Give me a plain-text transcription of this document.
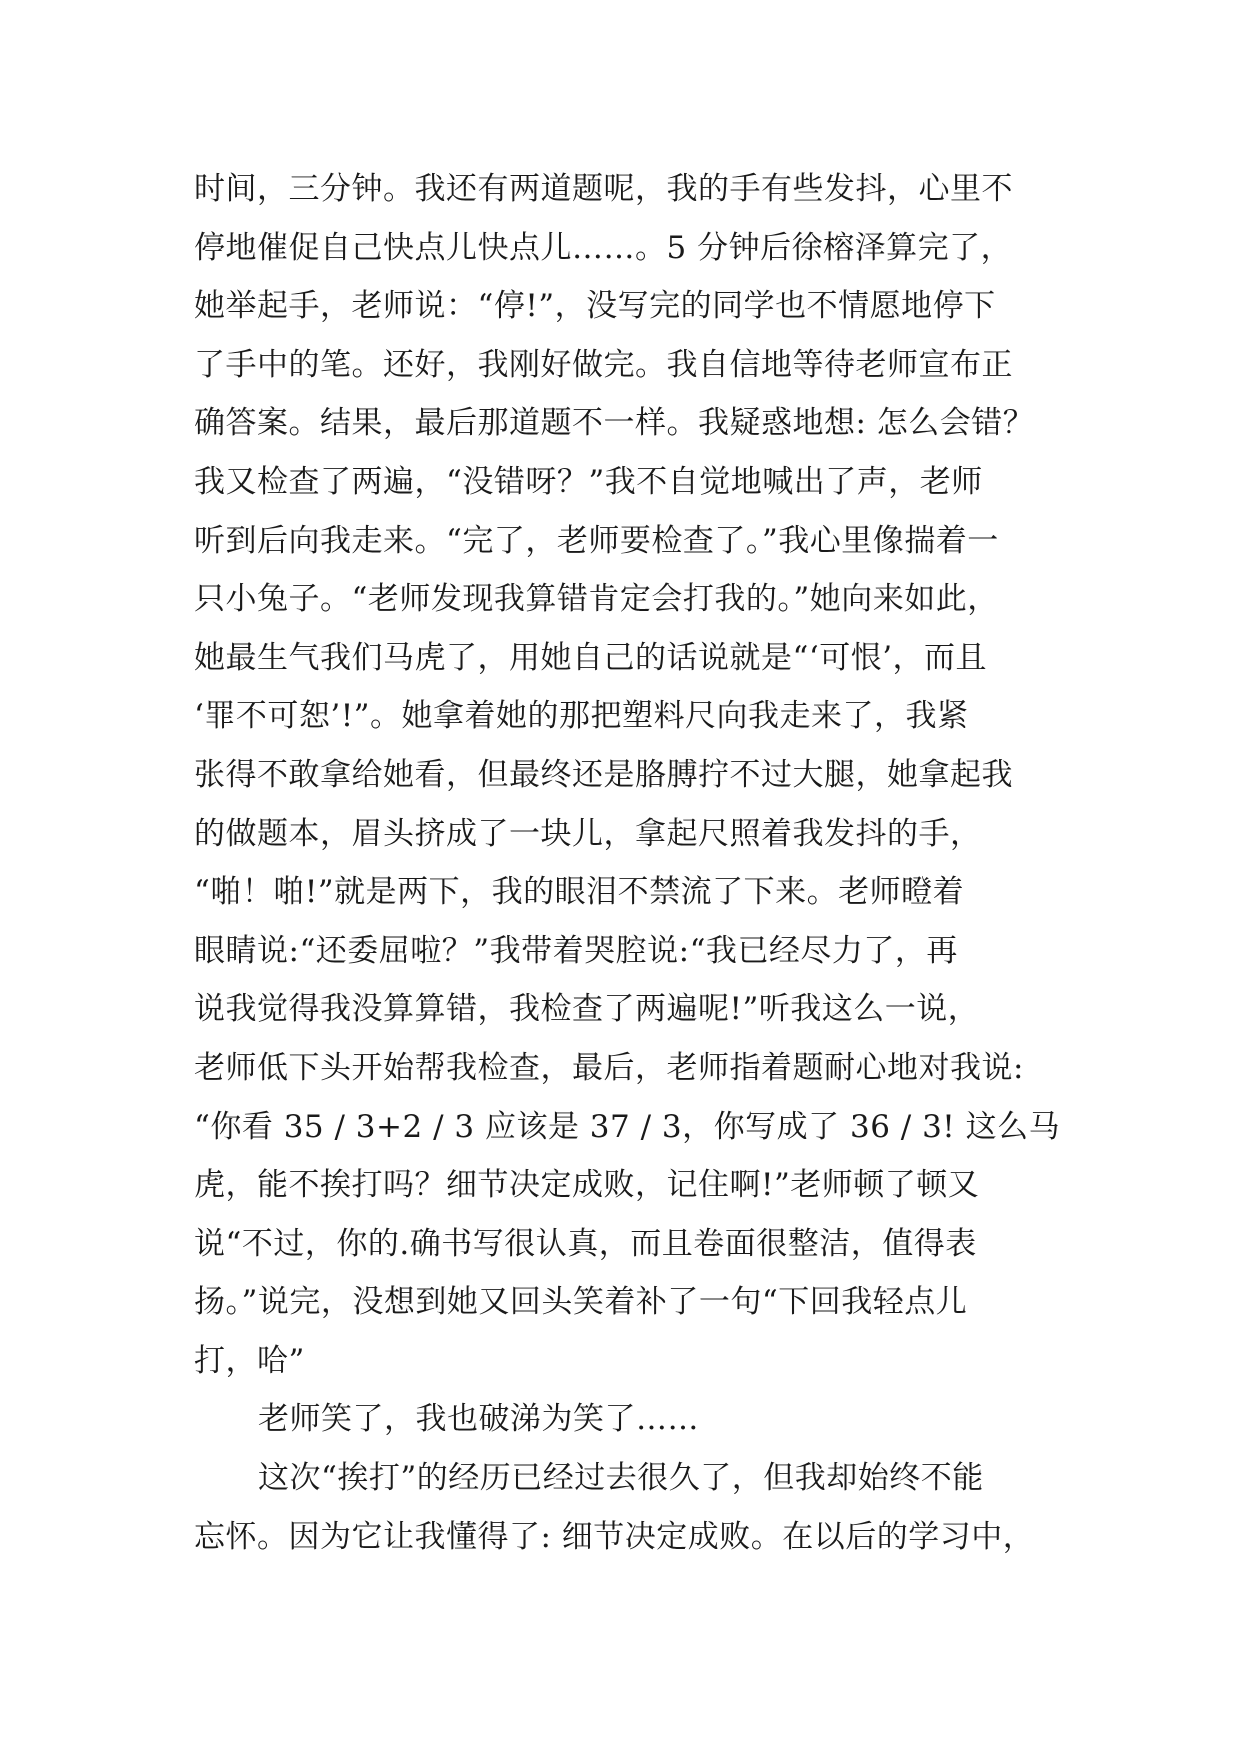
时间，三分钟。我还有两道题呢，我的手有些发抖，心里不
停地催促自己快点儿快点儿……。5 分钟后徐榕泽算完了，
她举起手，老师说：“停!”，没写完的同学也不情愿地停下
了手中的笔。还好，我刚好做完。我自信地等待老师宣布正
确答案。结果，最后那道题不一样。我疑惑地想: 怎么会错？
我又检查了两遍，“没错呀？”我不自觉地喊出了声，老师
听到后向我走来。“完了，老师要检查了。”我心里像揣着一
只小兔子。“老师发现我算错肯定会打我的。”她向来如此，
她最生气我们马虎了，用她自己的话说就是“‘可恨’，而且
‘罪不可恕’!”。她拿着她的那把塑料尺向我走来了，我紧
张得不敢拿给她看，但最终还是胳膊拧不过大腿，她拿起我
的做题本，眉头挤成了一块儿，拿起尺照着我发抖的手，
“啪！啪!”就是两下，我的眼泪不禁流了下来。老师瞪着
眼睛说:“还委屈啦？”我带着哭腔说:“我已经尽力了，再
说我觉得我没算算错，我检查了两遍呢!”听我这么一说，
老师低下头开始帮我检查，最后，老师指着题耐心地对我说:
“你看 35 / 3+2 / 3 应该是 37 / 3，你写成了 36 / 3! 这么马
虎，能不挨打吗？细节决定成败，记住啊!”老师顿了顿又
说“不过，你的.确书写很认真，而且卷面很整洁，值得表
扬。”说完，没想到她又回头笑着补了一句“下回我轻点儿
打，哈”
老师笑了，我也破涕为笑了……
这次“挨打”的经历已经过去很久了，但我却始终不能
忘怀。因为它让我懂得了: 细节决定成败。在以后的学习中，
